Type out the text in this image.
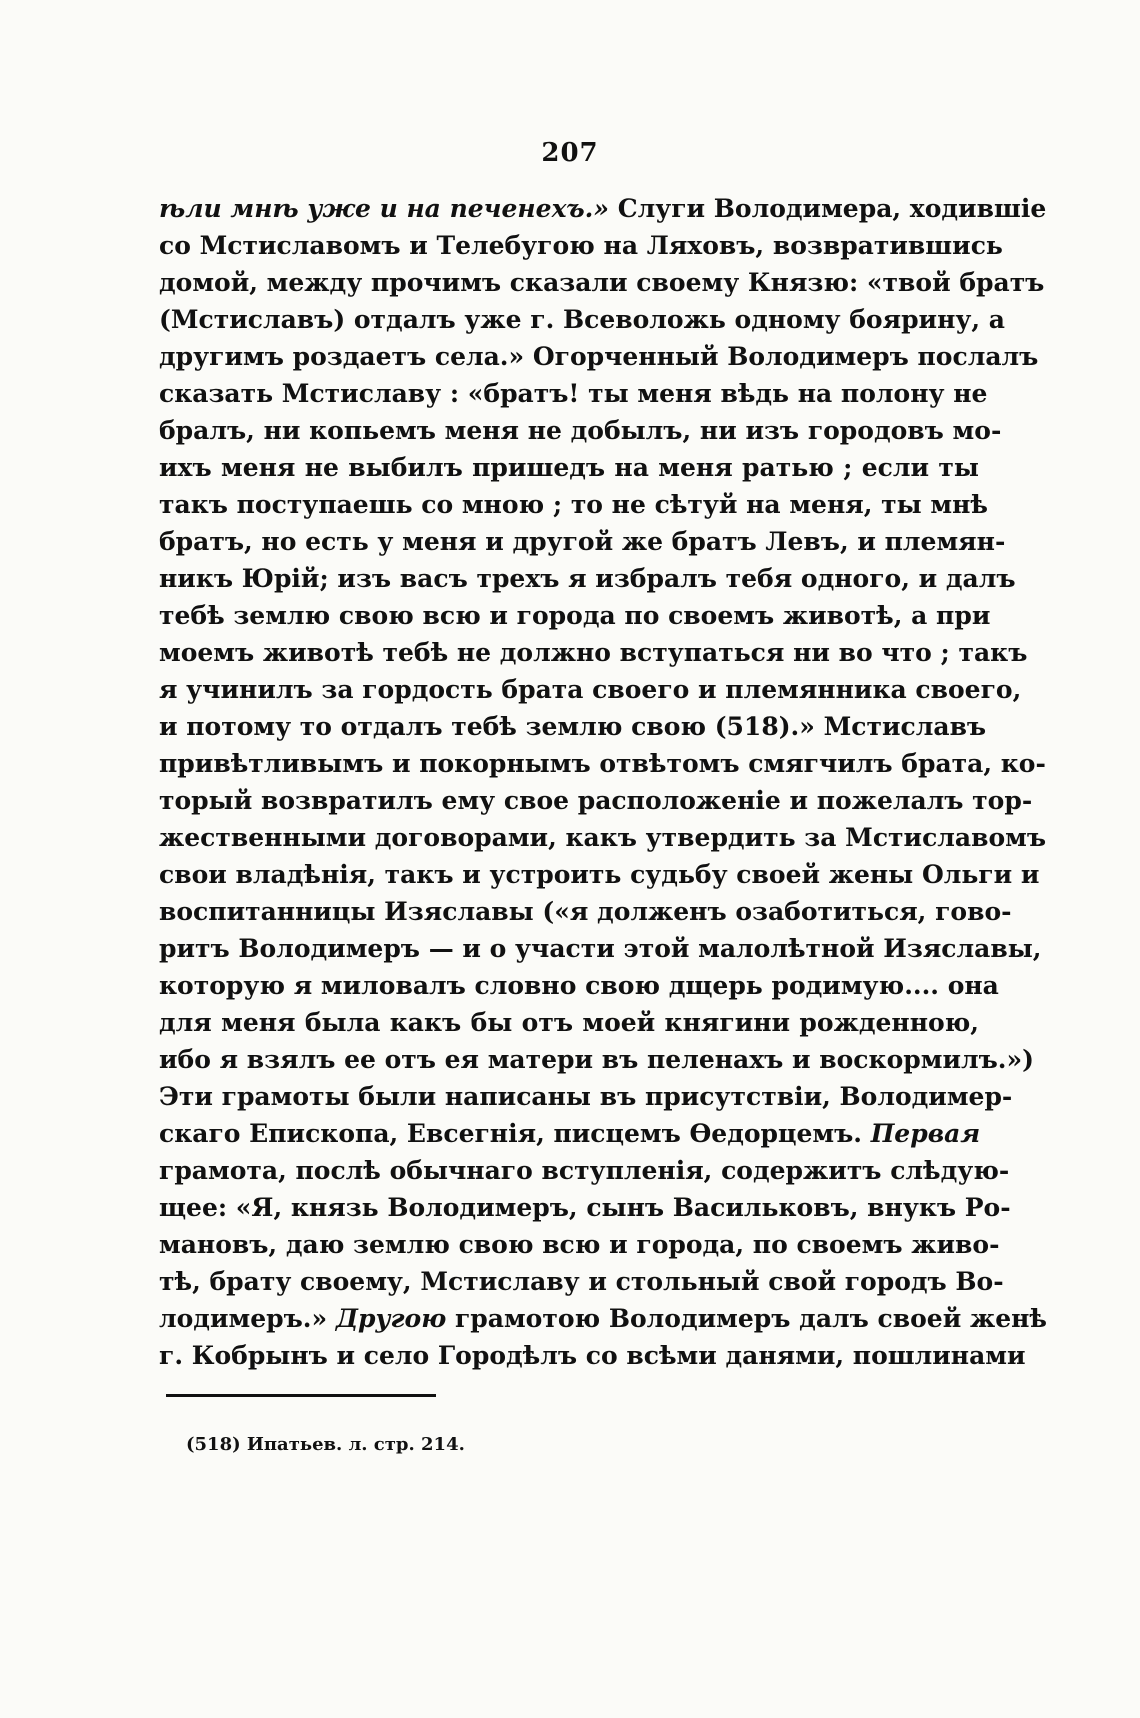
207
ѣли мнѣ уже и на печенехъ.» Слуги Володимера, ходившіе
со Мстиславомъ и Телебугою на Ляховъ, возвратившись
домой, между прочимъ сказали своему Князю: «твой братъ
(Мстиславъ) отдалъ уже г. Всеволожь одному боярину, а
другимъ роздаетъ села.» Огорченный Володимеръ послалъ
сказать Мстиславу : «братъ! ты меня вѣдь на полону не
бралъ, ни копьемъ меня не добылъ, ни изъ городовъ мо-
ихъ меня не выбилъ пришедъ на меня ратью ; если ты
такъ поступаешь со мною ; то не сѣтуй на меня, ты мнѣ
братъ, но есть у меня и другой же братъ Левъ, и племян-
никъ Юрій; изъ васъ трехъ я избралъ тебя одного, и далъ
тебѣ землю свою всю и города по своемъ животѣ, а при
моемъ животѣ тебѣ не должно вступаться ни во что ; такъ
я учинилъ за гордость брата своего и племянника своего,
и потому то отдалъ тебѣ землю свою (518).» Мстиславъ
привѣтливымъ и покорнымъ отвѣтомъ смягчилъ брата, ко-
торый возвратилъ ему свое расположеніе и пожелалъ тор-
жественными договорами, какъ утвердить за Мстиславомъ
свои владѣнія, такъ и устроить судьбу своей жены Ольги и
воспитанницы Изяславы («я долженъ озаботиться, гово-
ритъ Володимеръ — и о участи этой малолѣтной Изяславы,
которую я миловалъ словно свою дщерь родимую.... она
для меня была какъ бы отъ моей княгини рожденною,
ибо я взялъ ее отъ ея матери въ пеленахъ и воскормилъ.»)
Эти грамоты были написаны въ присутствіи, Володимер-
скаго Епископа, Евсегнія, писцемъ Ѳедорцемъ. Первая
грамота, послѣ обычнаго вступленія, содержитъ слѣдую-
щее: «Я, князь Володимеръ, сынъ Васильковъ, внукъ Ро-
мановъ, даю землю свою всю и города, по своемъ живо-
тѣ, брату своему, Мстиславу и стольный свой городъ Во-
лодимеръ.» Другою грамотою Володимеръ далъ своей женѣ
г. Кобрынъ и село Городѣлъ со всѣми данями, пошлинами
(518) Ипатьев. л. стр. 214.
